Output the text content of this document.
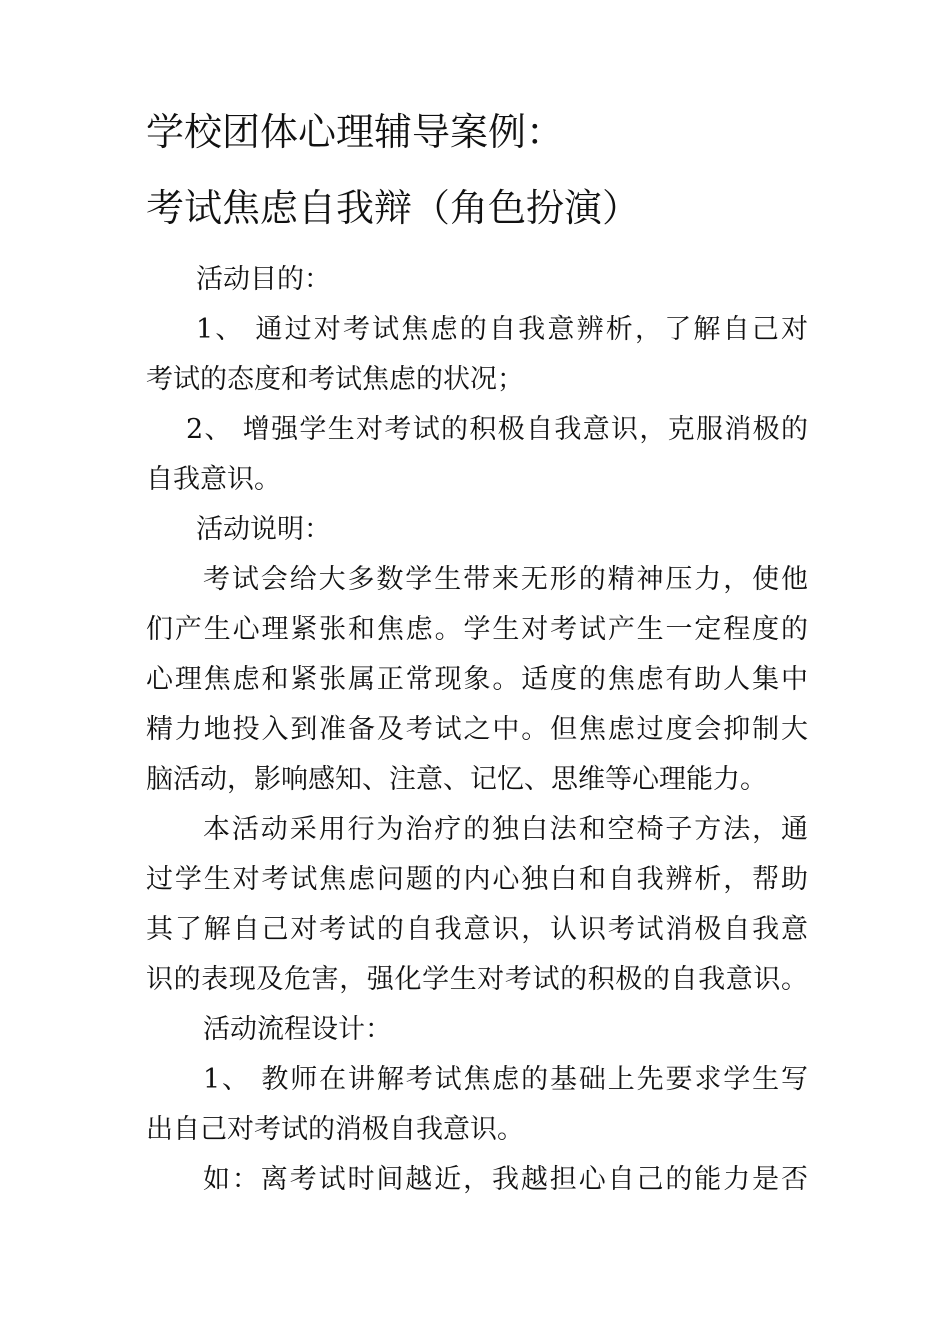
学校团体心理辅导案例：
考试焦虑自我辩（角色扮演）
活动目的：
1、 通过对考试焦虑的自我意辨析，了解自己对
考试的态度和考试焦虑的状况；
2、 增强学生对考试的积极自我意识，克服消极的
自我意识。
活动说明：
考试会给大多数学生带来无形的精神压力，使他
们产生心理紧张和焦虑。学生对考试产生一定程度的
心理焦虑和紧张属正常现象。适度的焦虑有助人集中
精力地投入到准备及考试之中。但焦虑过度会抑制大
脑活动，影响感知、注意、记忆、思维等心理能力。
本活动采用行为治疗的独白法和空椅子方法，通
过学生对考试焦虑问题的内心独白和自我辨析，帮助
其了解自己对考试的自我意识，认识考试消极自我意
识的表现及危害，强化学生对考试的积极的自我意识。
活动流程设计：
1、 教师在讲解考试焦虑的基础上先要求学生写
出自己对考试的消极自我意识。
如：离考试时间越近，我越担心自己的能力是否
